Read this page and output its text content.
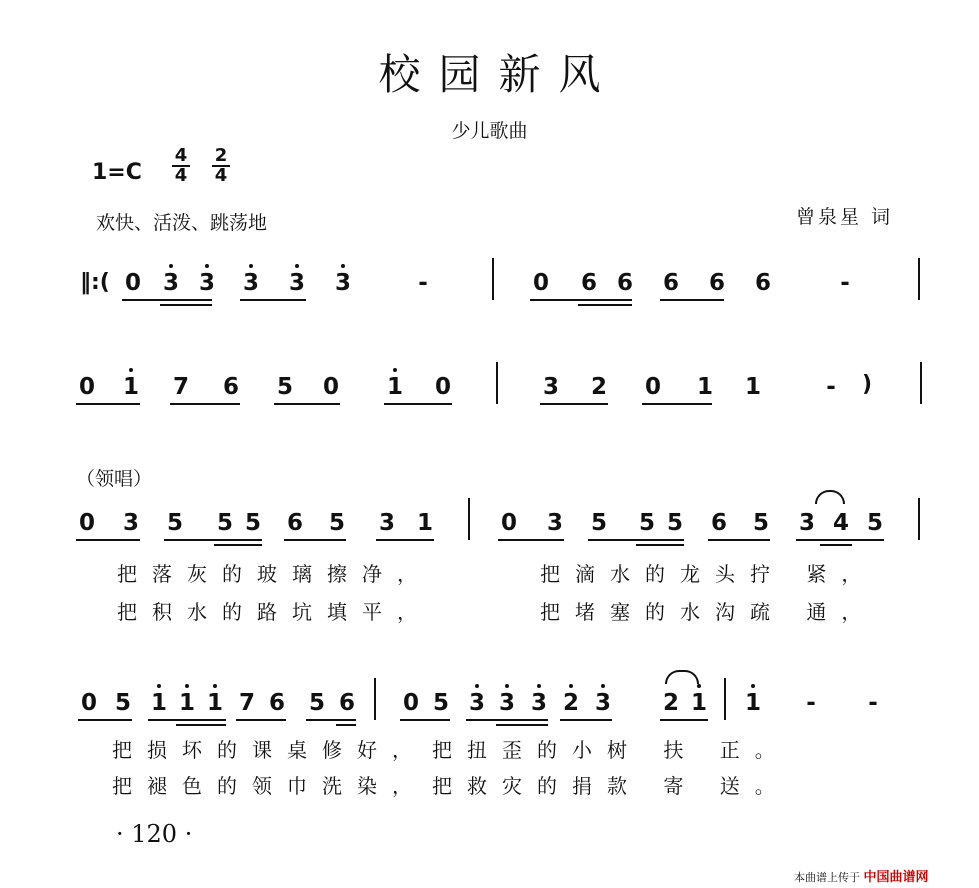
校园新风
少儿歌曲
1=C
4
4
2
4
欢快、活泼、跳荡地	曾泉星 词
‖:( 0 3 3 3 3 3	-	0 6 6 6 6 6	-
0 1 7 6 5 0 1 0	3 2 0 1 1	- )
（领唱）
0 3 5 5 5 6 5 3 1	0 3 5 5 5 6 5 3 4 5
把落灰的玻璃擦净，	把滴水的龙头拧 紧，
把积水的路坑填平，	把堵塞的水沟疏 通，
0 5 1 1 1 7 6 5 6 0 5 3 3 3 2 3 2 1 1 - -
把损坏的课桌修好， 把扭歪的小树 扶 正。
把褪色的领巾洗染， 把救灾的捐款 寄 送。
· 120 ·
本曲谱上传于 中国曲谱网
